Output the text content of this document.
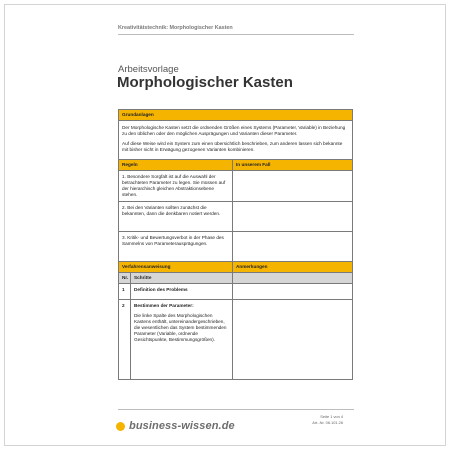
Kreativitätstechnik: Morphologischer Kasten
Arbeitsvorlage
Morphologischer Kasten
Grundanlagen		

Der Morphologische Kasten setzt die ordnenden Größen eines Systems (Parameter, Variable) in Beziehung zu den üblichen oder den möglichen Ausprägungen und Varianten dieser Parameter.

Auf diese Weise wird ein System zum einen übersichtlich beschrieben, zum anderen lassen sich bekannte mit bisher nicht in Erwägung gezogenen Varianten kombinieren.		

Regeln		In unserem Fall
1. Besondere Sorgfalt ist auf die Auswahl der betrachteten Parameter zu legen. Sie müssen auf der hierarchisch gleichen Abstraktionsebene stehen.		
2. Bei den Varianten sollten zunächst die bekannten, dann die denkbaren notiert werden.		
3. Kritik- und Bewertungsverbot in der Phase des Sammelns von Parameterausprägungen.		
Verfahrensanweisung		Anmerkungen
Nr.	Schritte	
1	Definition des Problems	

2	Bestimmen der Parameter:
Die linke Spalte des Morphologischen Kastens enthält, untereinandergeschrieben, die wesentlichen das System bestimmenden Parameter (Variable, ordnende Gesichtspunkte, Bestimmungsgrößen).	

business-wissen.de
Seite 1 von 4
Art.-Nr. 06.101.26
